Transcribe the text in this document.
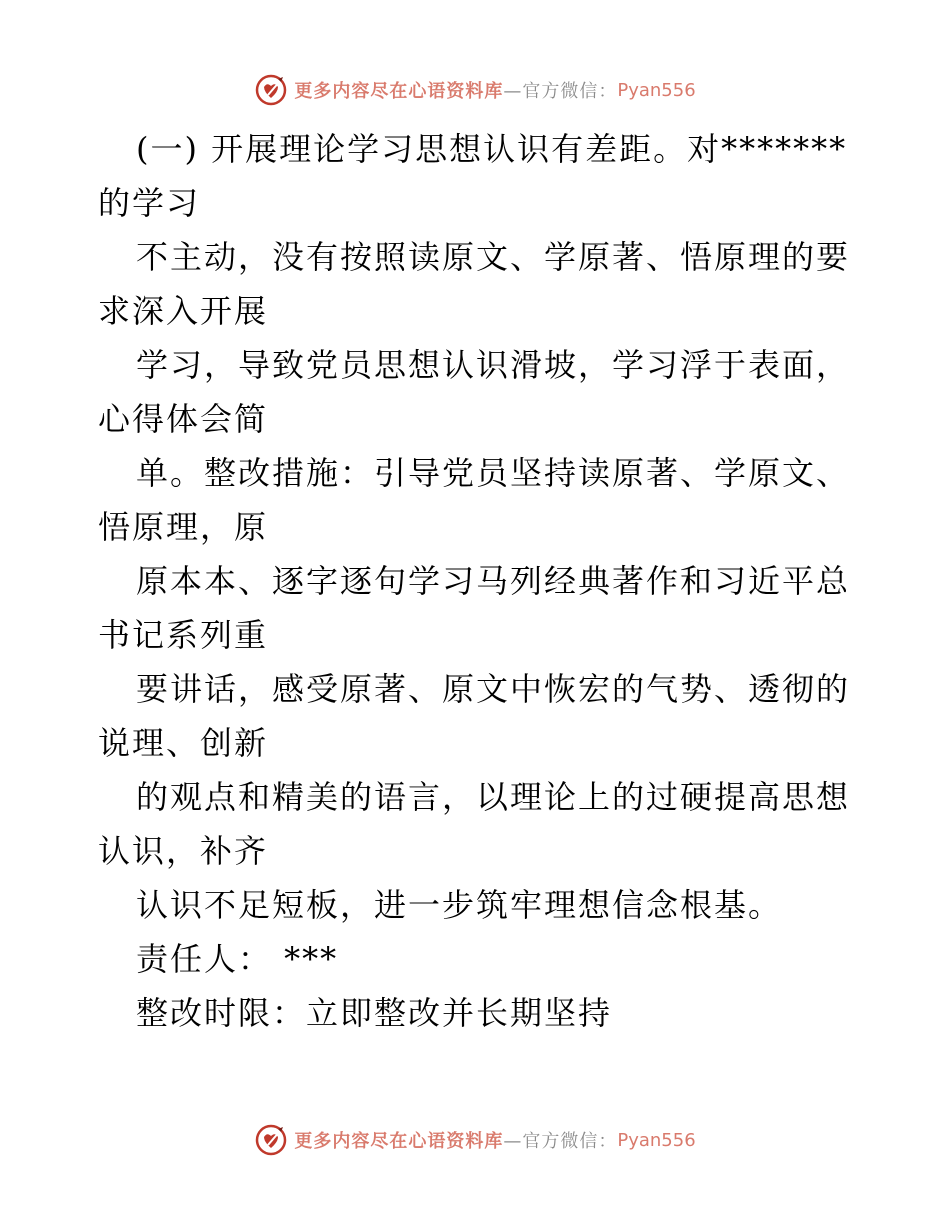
更多内容尽在心语资料库 —官方微信： Pyan556
(一) 开展理论学习思想认识有差距。对*******
的学习
不主动，没有按照读原文、学原著、悟原理的要
求深入开展
学习，导致党员思想认识滑坡，学习浮于表面，
心得体会简
单。整改措施：引导党员坚持读原著、学原文、
悟原理，原
原本本、逐字逐句学习马列经典著作和习近平总
书记系列重
要讲话，感受原著、原文中恢宏的气势、透彻的
说理、创新
的观点和精美的语言，以理论上的过硬提高思想
认识，补齐
认识不足短板，进一步筑牢理想信念根基。
责任人： ***
整改时限：立即整改并长期坚持
更多内容尽在心语资料库 —官方微信： Pyan556
